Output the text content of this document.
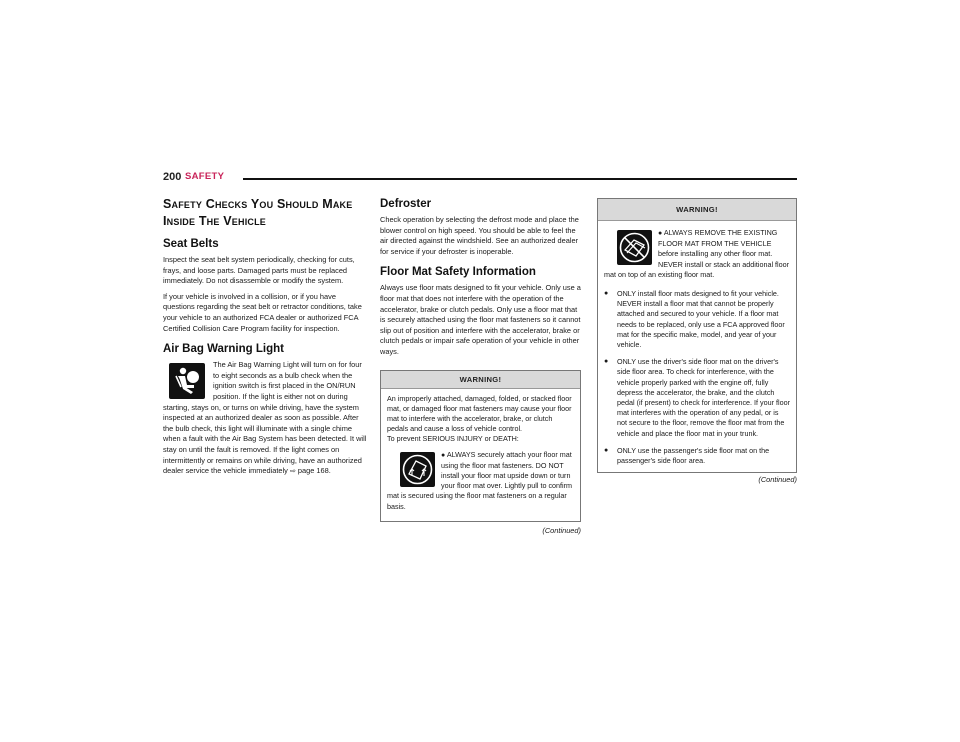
200 SAFETY
Safety Checks You Should Make
Inside The Vehicle
Seat Belts

Inspect the seat belt system periodically, checking for cuts, frays, and loose parts. Damaged parts must be replaced immediately. Do not disassemble or modify the system.

If your vehicle is involved in a collision, or if you have questions regarding the seat belt or retractor conditions, take your vehicle to an authorized FCA dealer or authorized FCA Certified Collision Care Program facility for inspection.

Air Bag Warning Light

The Air Bag Warning Light will turn on for four to eight seconds as a bulb check when the ignition switch is first placed in the ON/RUN position. If the light is either not on during starting, stays on, or turns on while driving, have the system inspected at an authorized dealer as soon as possible. After the bulb check, this light will illuminate with a single chime when a fault with the Air Bag System has been detected. It will stay on until the fault is removed. If the light comes on intermittently or remains on while driving, have an authorized dealer service the vehicle immediately ⇨ page 168.

Defroster

Check operation by selecting the defrost mode and place the blower control on high speed. You should be able to feel the air directed against the windshield. See an authorized dealer for service if your defroster is inoperable.

Floor Mat Safety Information

Always use floor mats designed to fit your vehicle. Only use a floor mat that does not interfere with the operation of the accelerator, brake or clutch pedals. Only use a floor mat that is securely attached using the floor mat fasteners so it cannot slip out of position and interfere with the accelerator, brake or clutch pedals or impair safe operation of your vehicle in other ways.

WARNING!

An improperly attached, damaged, folded, or stacked floor mat, or damaged floor mat fasteners may cause your floor mat to interfere with the accelerator, brake, or clutch pedals and cause a loss of vehicle control.
To prevent SERIOUS INJURY or DEATH:

● ALWAYS securely attach your floor mat using the floor mat fasteners. DO NOT install your floor mat upside down or turn your floor mat over. Lightly pull to confirm mat is secured using the floor mat fasteners on a regular basis.

(Continued)
WARNING!

● ALWAYS REMOVE THE EXISTING FLOOR MAT FROM THE VEHICLE before installing any other floor mat. NEVER install or stack an additional floor mat on top of an existing floor mat.

● ONLY install floor mats designed to fit your vehicle. NEVER install a floor mat that cannot be properly attached and secured to your vehicle. If a floor mat needs to be replaced, only use a FCA approved floor mat for the specific make, model, and year of your vehicle.
● ONLY use the driver's side floor mat on the driver's side floor area. To check for interference, with the vehicle properly parked with the engine off, fully depress the accelerator, the brake, and the clutch pedal (if present) to check for interference. If your floor mat interferes with the operation of any pedal, or is not secure to the floor, remove the floor mat from the vehicle and place the floor mat in your trunk.
● ONLY use the passenger's side floor mat on the passenger's side floor area.
(Continued)
